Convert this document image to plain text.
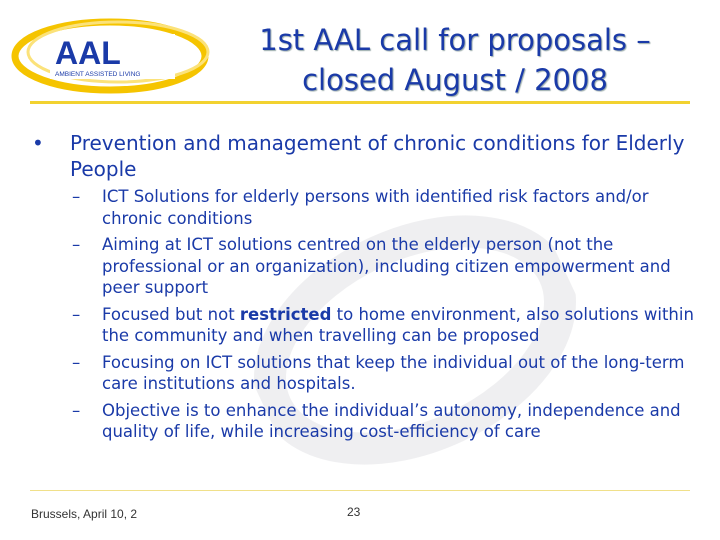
AAL
AMBIENT ASSISTED LIVING
1st AAL call for proposals –
closed August / 2008
• Prevention and management of chronic conditions for Elderly People
– ICT Solutions for elderly persons with identified risk factors and/or chronic conditions
– Aiming at ICT solutions centred on the elderly person (not the professional or an organization), including citizen empowerment and peer support
– Focused but not restricted to home environment, also solutions within the community and when travelling can be proposed
– Focusing on ICT solutions that keep the individual out of the long-term care institutions and hospitals.
– Objective is to enhance the individual’s autonomy, independence and quality of life, while increasing cost-efficiency of care
Brussels, April 10, 2	23
